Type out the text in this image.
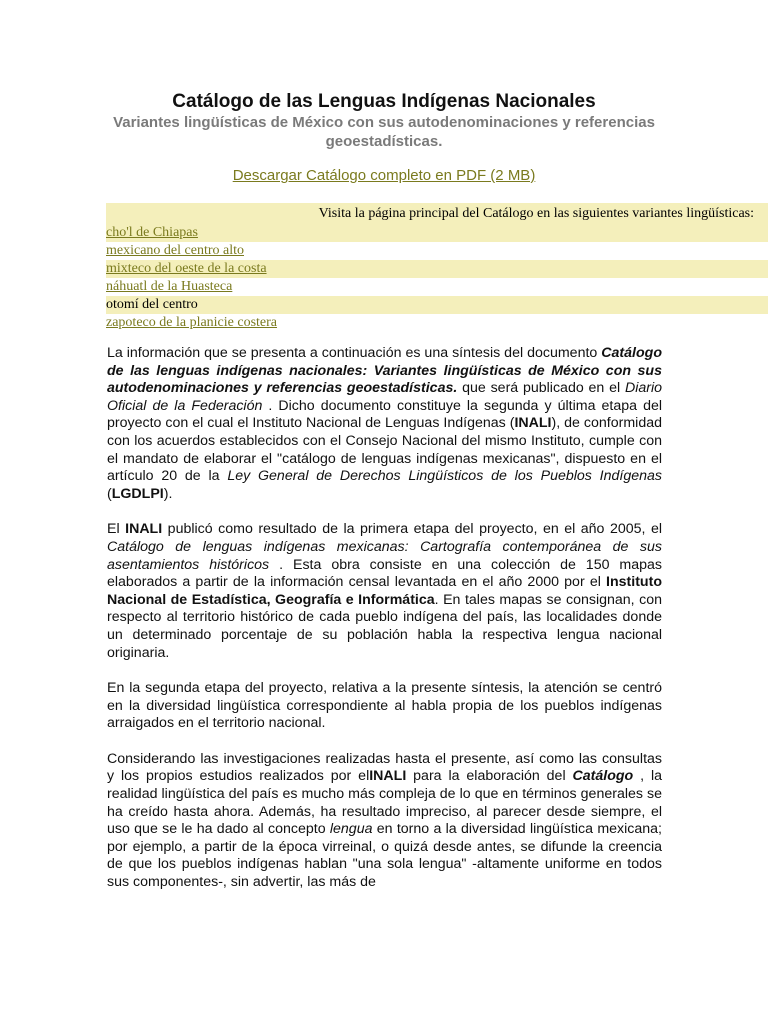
Catálogo de las Lenguas Indígenas Nacionales
Variantes lingüísticas de México con sus autodenominaciones y referencias geoestadísticas.
Descargar Catálogo completo en PDF (2 MB)
Visita la página principal del Catálogo en las siguientes variantes lingüísticas:
cho'l de Chiapas
mexicano del centro alto
mixteco del oeste de la costa
náhuatl de la Huasteca
otomí del centro
zapoteco de la planicie costera

La información que se presenta a continuación es una síntesis del documento Catálogo de las lenguas indígenas nacionales: Variantes lingüísticas de México con sus autodenominaciones y referencias geoestadísticas. que será publicado en el Diario Oficial de la Federación . Dicho documento constituye la segunda y última etapa del proyecto con el cual el Instituto Nacional de Lenguas Indígenas (INALI), de conformidad con los acuerdos establecidos con el Consejo Nacional del mismo Instituto, cumple con el mandato de elaborar el "catálogo de lenguas indígenas mexicanas", dispuesto en el artículo 20 de la Ley General de Derechos Lingüísticos de los Pueblos Indígenas (LGDLPI).

El INALI publicó como resultado de la primera etapa del proyecto, en el año 2005, el Catálogo de lenguas indígenas mexicanas: Cartografía contemporánea de sus asentamientos históricos . Esta obra consiste en una colección de 150 mapas elaborados a partir de la información censal levantada en el año 2000 por el Instituto Nacional de Estadística, Geografía e Informática. En tales mapas se consignan, con respecto al territorio histórico de cada pueblo indígena del país, las localidades donde un determinado porcentaje de su población habla la respectiva lengua nacional originaria.

En la segunda etapa del proyecto, relativa a la presente síntesis, la atención se centró en la diversidad lingüística correspondiente al habla propia de los pueblos indígenas arraigados en el territorio nacional.

Considerando las investigaciones realizadas hasta el presente, así como las consultas y los propios estudios realizados por elINALI para la elaboración del Catálogo , la realidad lingüística del país es mucho más compleja de lo que en términos generales se ha creído hasta ahora. Además, ha resultado impreciso, al parecer desde siempre, el uso que se le ha dado al concepto lengua en torno a la diversidad lingüística mexicana; por ejemplo, a partir de la época virreinal, o quizá desde antes, se difunde la creencia de que los pueblos indígenas hablan "una sola lengua" -altamente uniforme en todos sus componentes-, sin advertir, las más de
